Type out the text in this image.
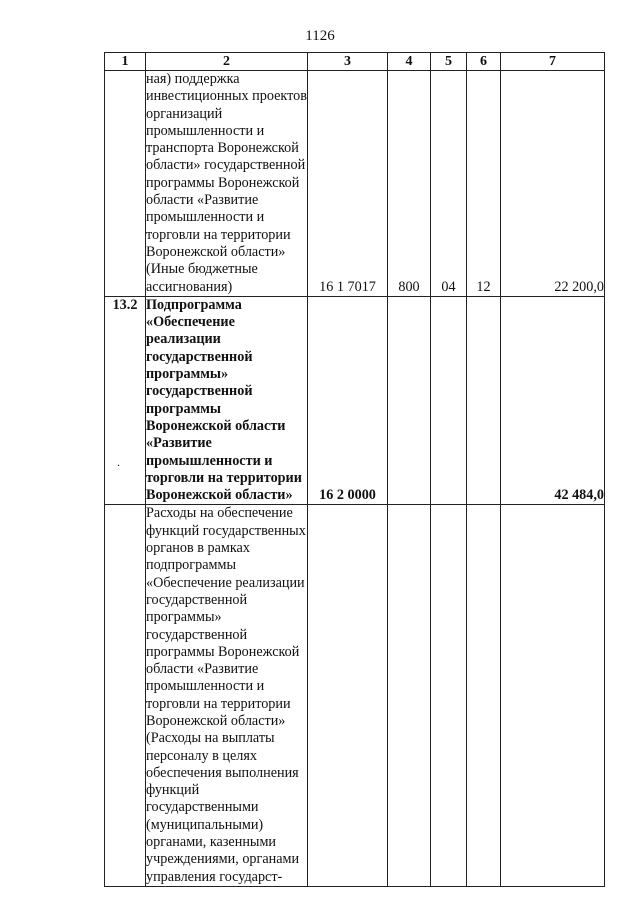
1126
1	2	3	4	5	6	7
	ная) поддержка инвестиционных проектов организаций промышленности и транспорта Воронежской области» государственной программы Воронежской области «Развитие промышленности и торговли на территории Воронежской области» (Иные бюджетные ассигнования)	16 1 7017	800	04	12	22 200,0
13.2	Подпрограмма «Обеспечение реализации государственной программы» государственной программы Воронежской области «Развитие промышленности и торговли на территории Воронежской области»	16 2 0000				42 484,0
	Расходы на обеспечение функций государственных органов в рамках подпрограммы «Обеспечение реализации государственной программы» государственной программы Воронежской области «Развитие промышленности и торговли на территории Воронежской области» (Расходы на выплаты персоналу в целях обеспечения выполнения функций государственными (муниципальными) органами, казенными учреждениями, органами управления государст-					
.
